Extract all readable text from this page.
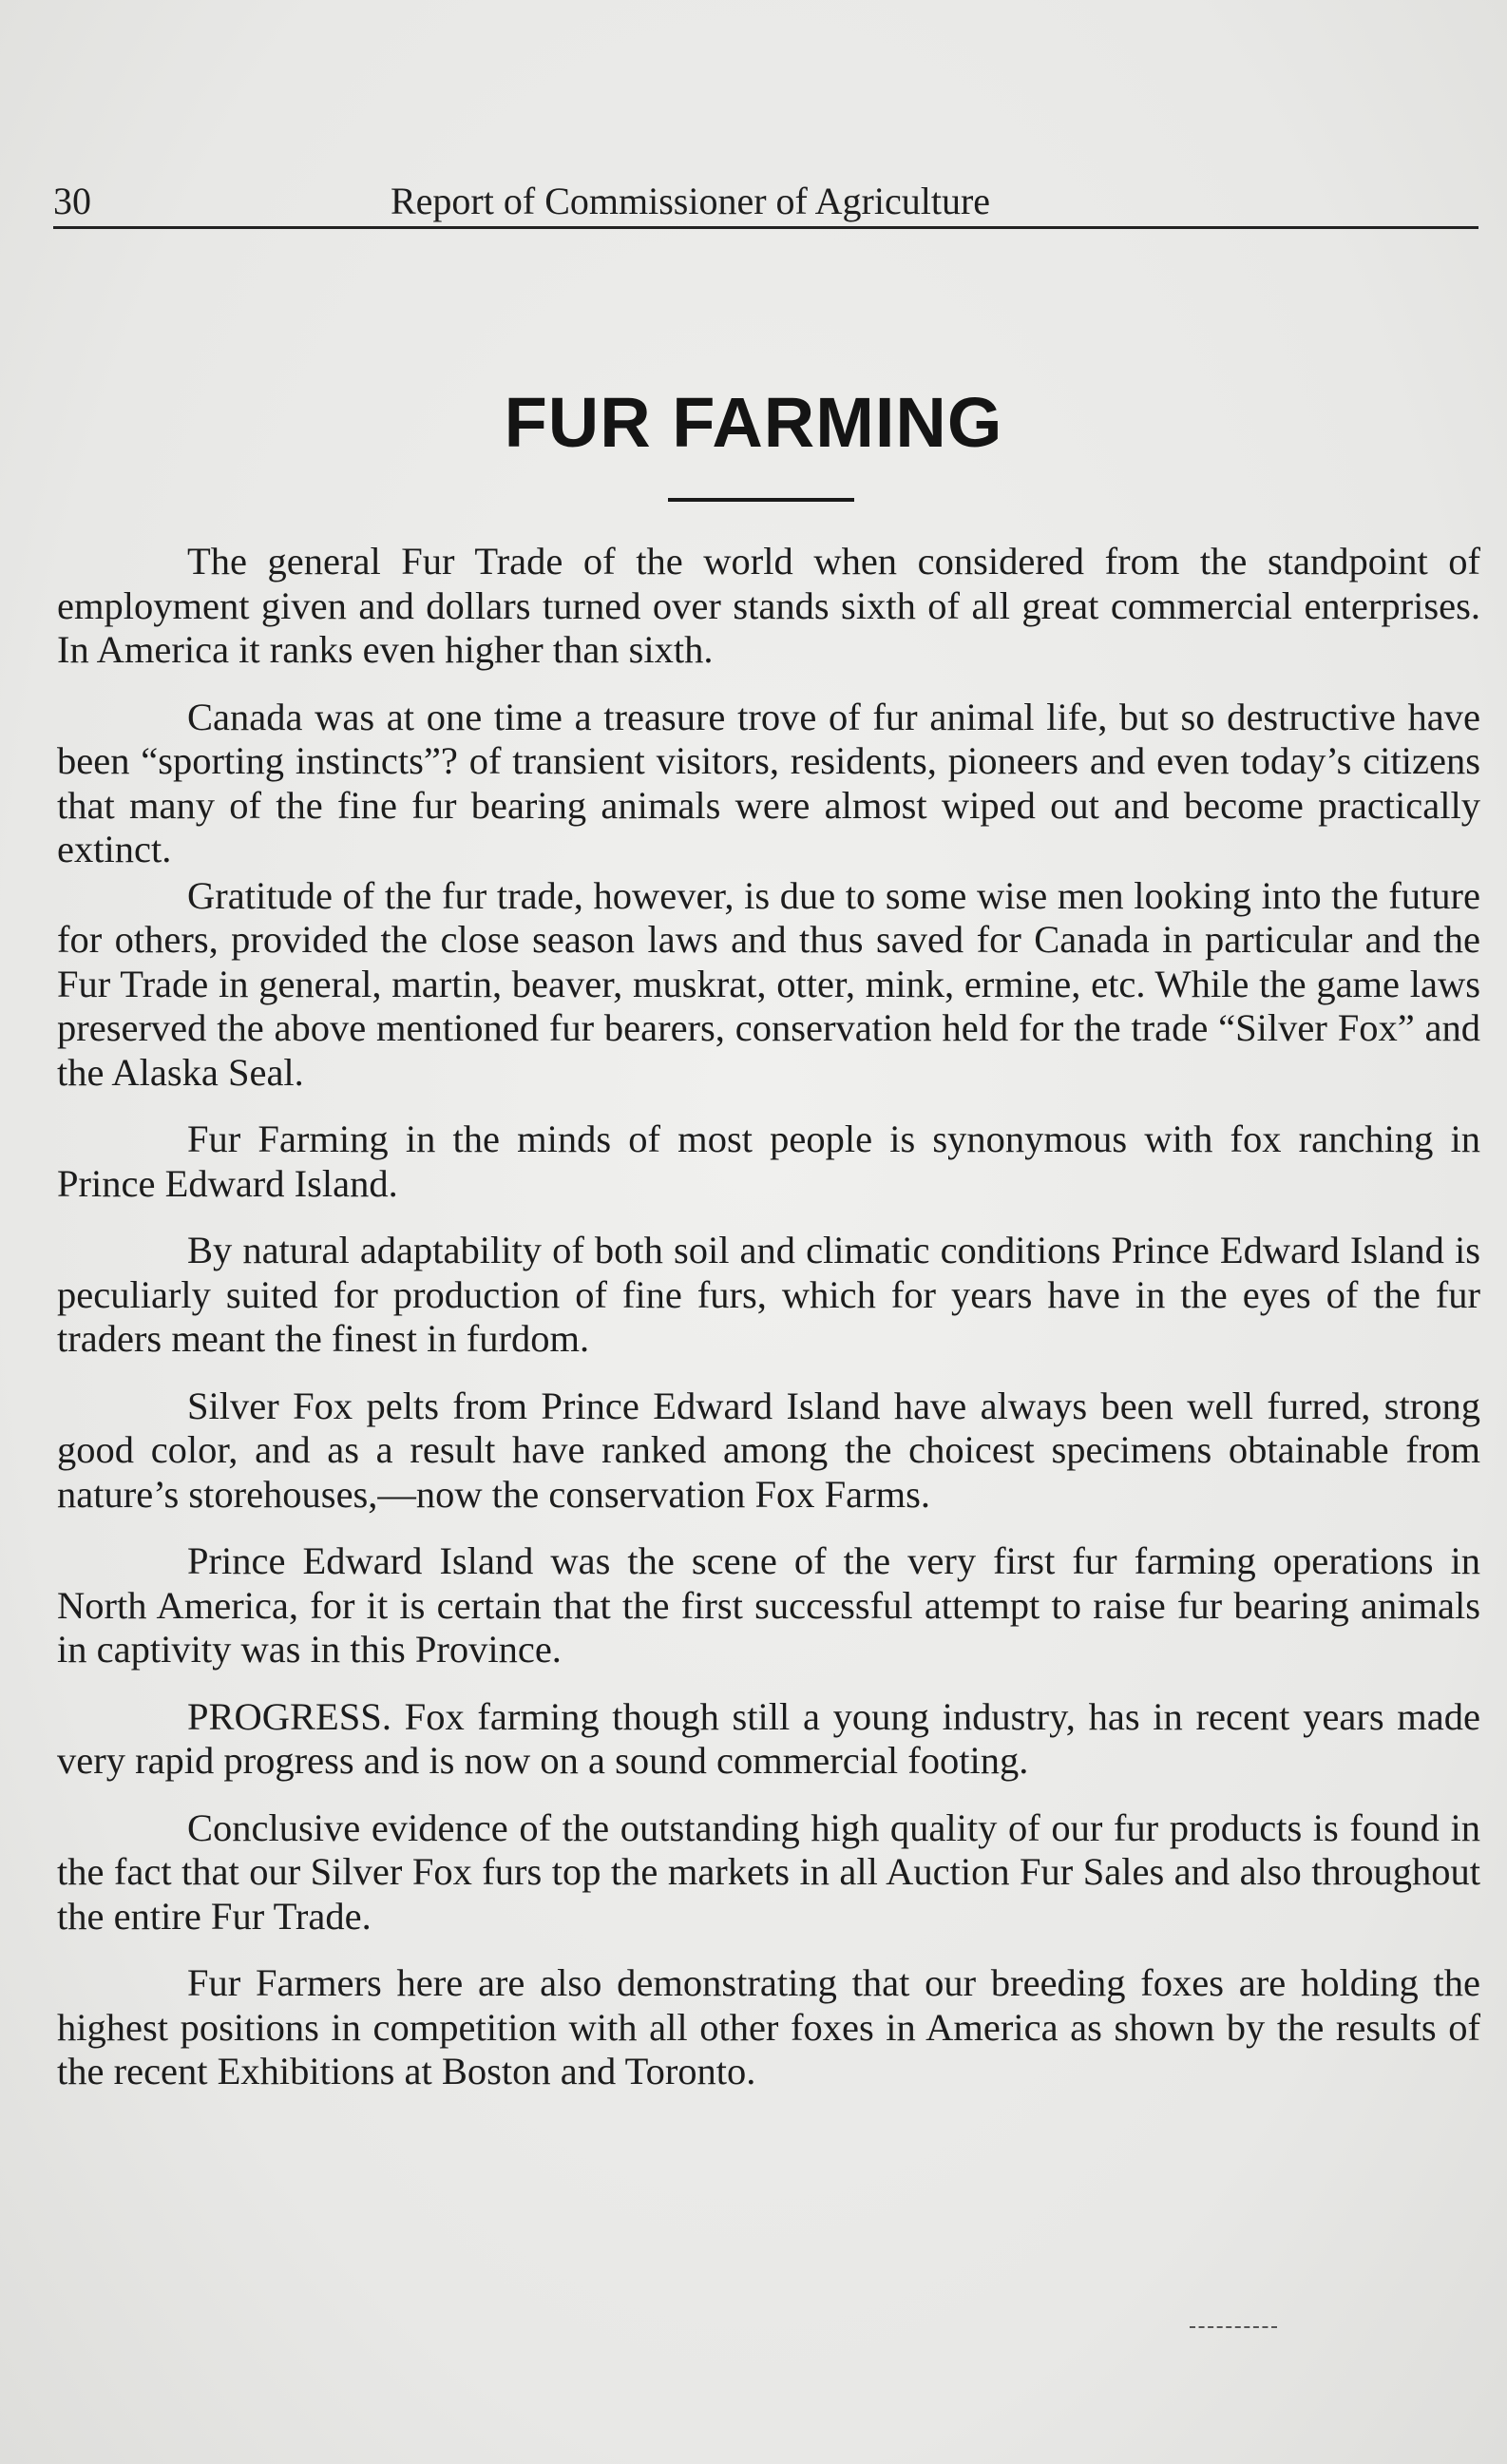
30	Report of Commissioner of Agriculture
FUR FARMING

The general Fur Trade of the world when considered from the standpoint of employment given and dollars turned over stands sixth of all great commercial enterprises. In America it ranks even higher than sixth.

Canada was at one time a treasure trove of fur animal life, but so destructive have been “sporting instincts”? of transient visitors, residents, pioneers and even today’s citizens that many of the fine fur bearing animals were almost wiped out and become practically extinct.

Gratitude of the fur trade, however, is due to some wise men looking into the future for others, provided the close season laws and thus saved for Canada in particular and the Fur Trade in general, martin, beaver, muskrat, otter, mink, ermine, etc. While the game laws preserved the above mentioned fur bearers, conservation held for the trade “Silver Fox” and the Alaska Seal.

Fur Farming in the minds of most people is synonymous with fox ranching in Prince Edward Island.

By natural adaptability of both soil and climatic conditions Prince Edward Island is peculiarly suited for production of fine furs, which for years have in the eyes of the fur traders meant the finest in furdom.

Silver Fox pelts from Prince Edward Island have always been well furred, strong good color, and as a result have ranked among the choicest specimens obtainable from nature’s storehouses,—now the conservation Fox Farms.

Prince Edward Island was the scene of the very first fur farming operations in North America, for it is certain that the first successful attempt to raise fur bearing animals in captivity was in this Province.

PROGRESS. Fox farming though still a young industry, has in recent years made very rapid progress and is now on a sound commercial footing.

Conclusive evidence of the outstanding high quality of our fur products is found in the fact that our Silver Fox furs top the markets in all Auction Fur Sales and also throughout the entire Fur Trade.

Fur Farmers here are also demonstrating that our breeding foxes are holding the highest positions in competition with all other foxes in America as shown by the results of the recent Exhibitions at Boston and Toronto.
